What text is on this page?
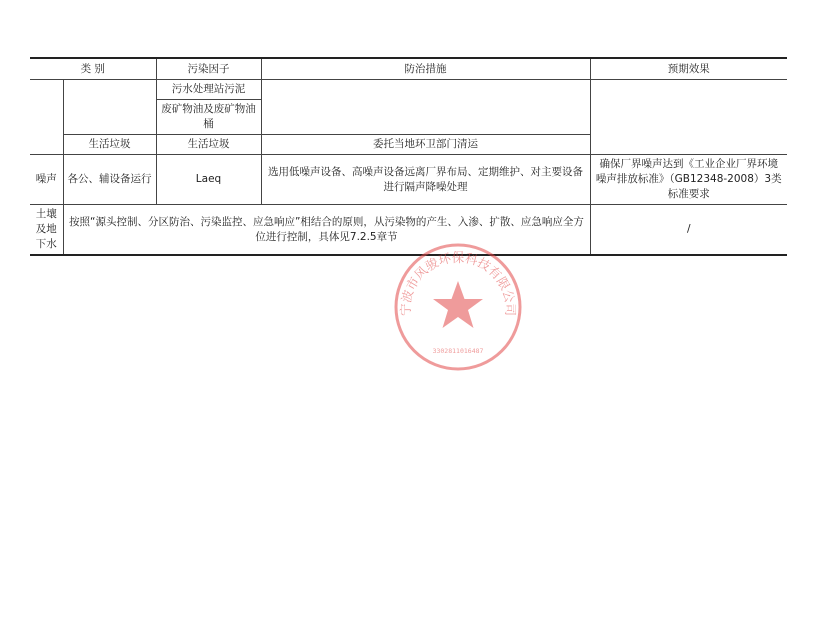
类 别		污染因子	防治措施	预期效果
		污水处理站污泥		
		废矿物油及废矿物油桶		
	生活垃圾	生活垃圾	委托当地环卫部门清运	
噪声	各公、辅设备运行	Laeq	选用低噪声设备、高噪声设备远离厂界布局、定期维护、对主要设备进行隔声降噪处理	确保厂界噪声达到《工业企业厂界环境噪声排放标准》（GB12348-2008）3类标准要求
土壤及地下水	按照“源头控制、分区防治、污染监控、应急响应”相结合的原则，从污染物的产生、入渗、扩散、应急响应全方位进行控制，具体见7.2.5章节			/
宁波市风骏环保科技有限公司
3302811016487
